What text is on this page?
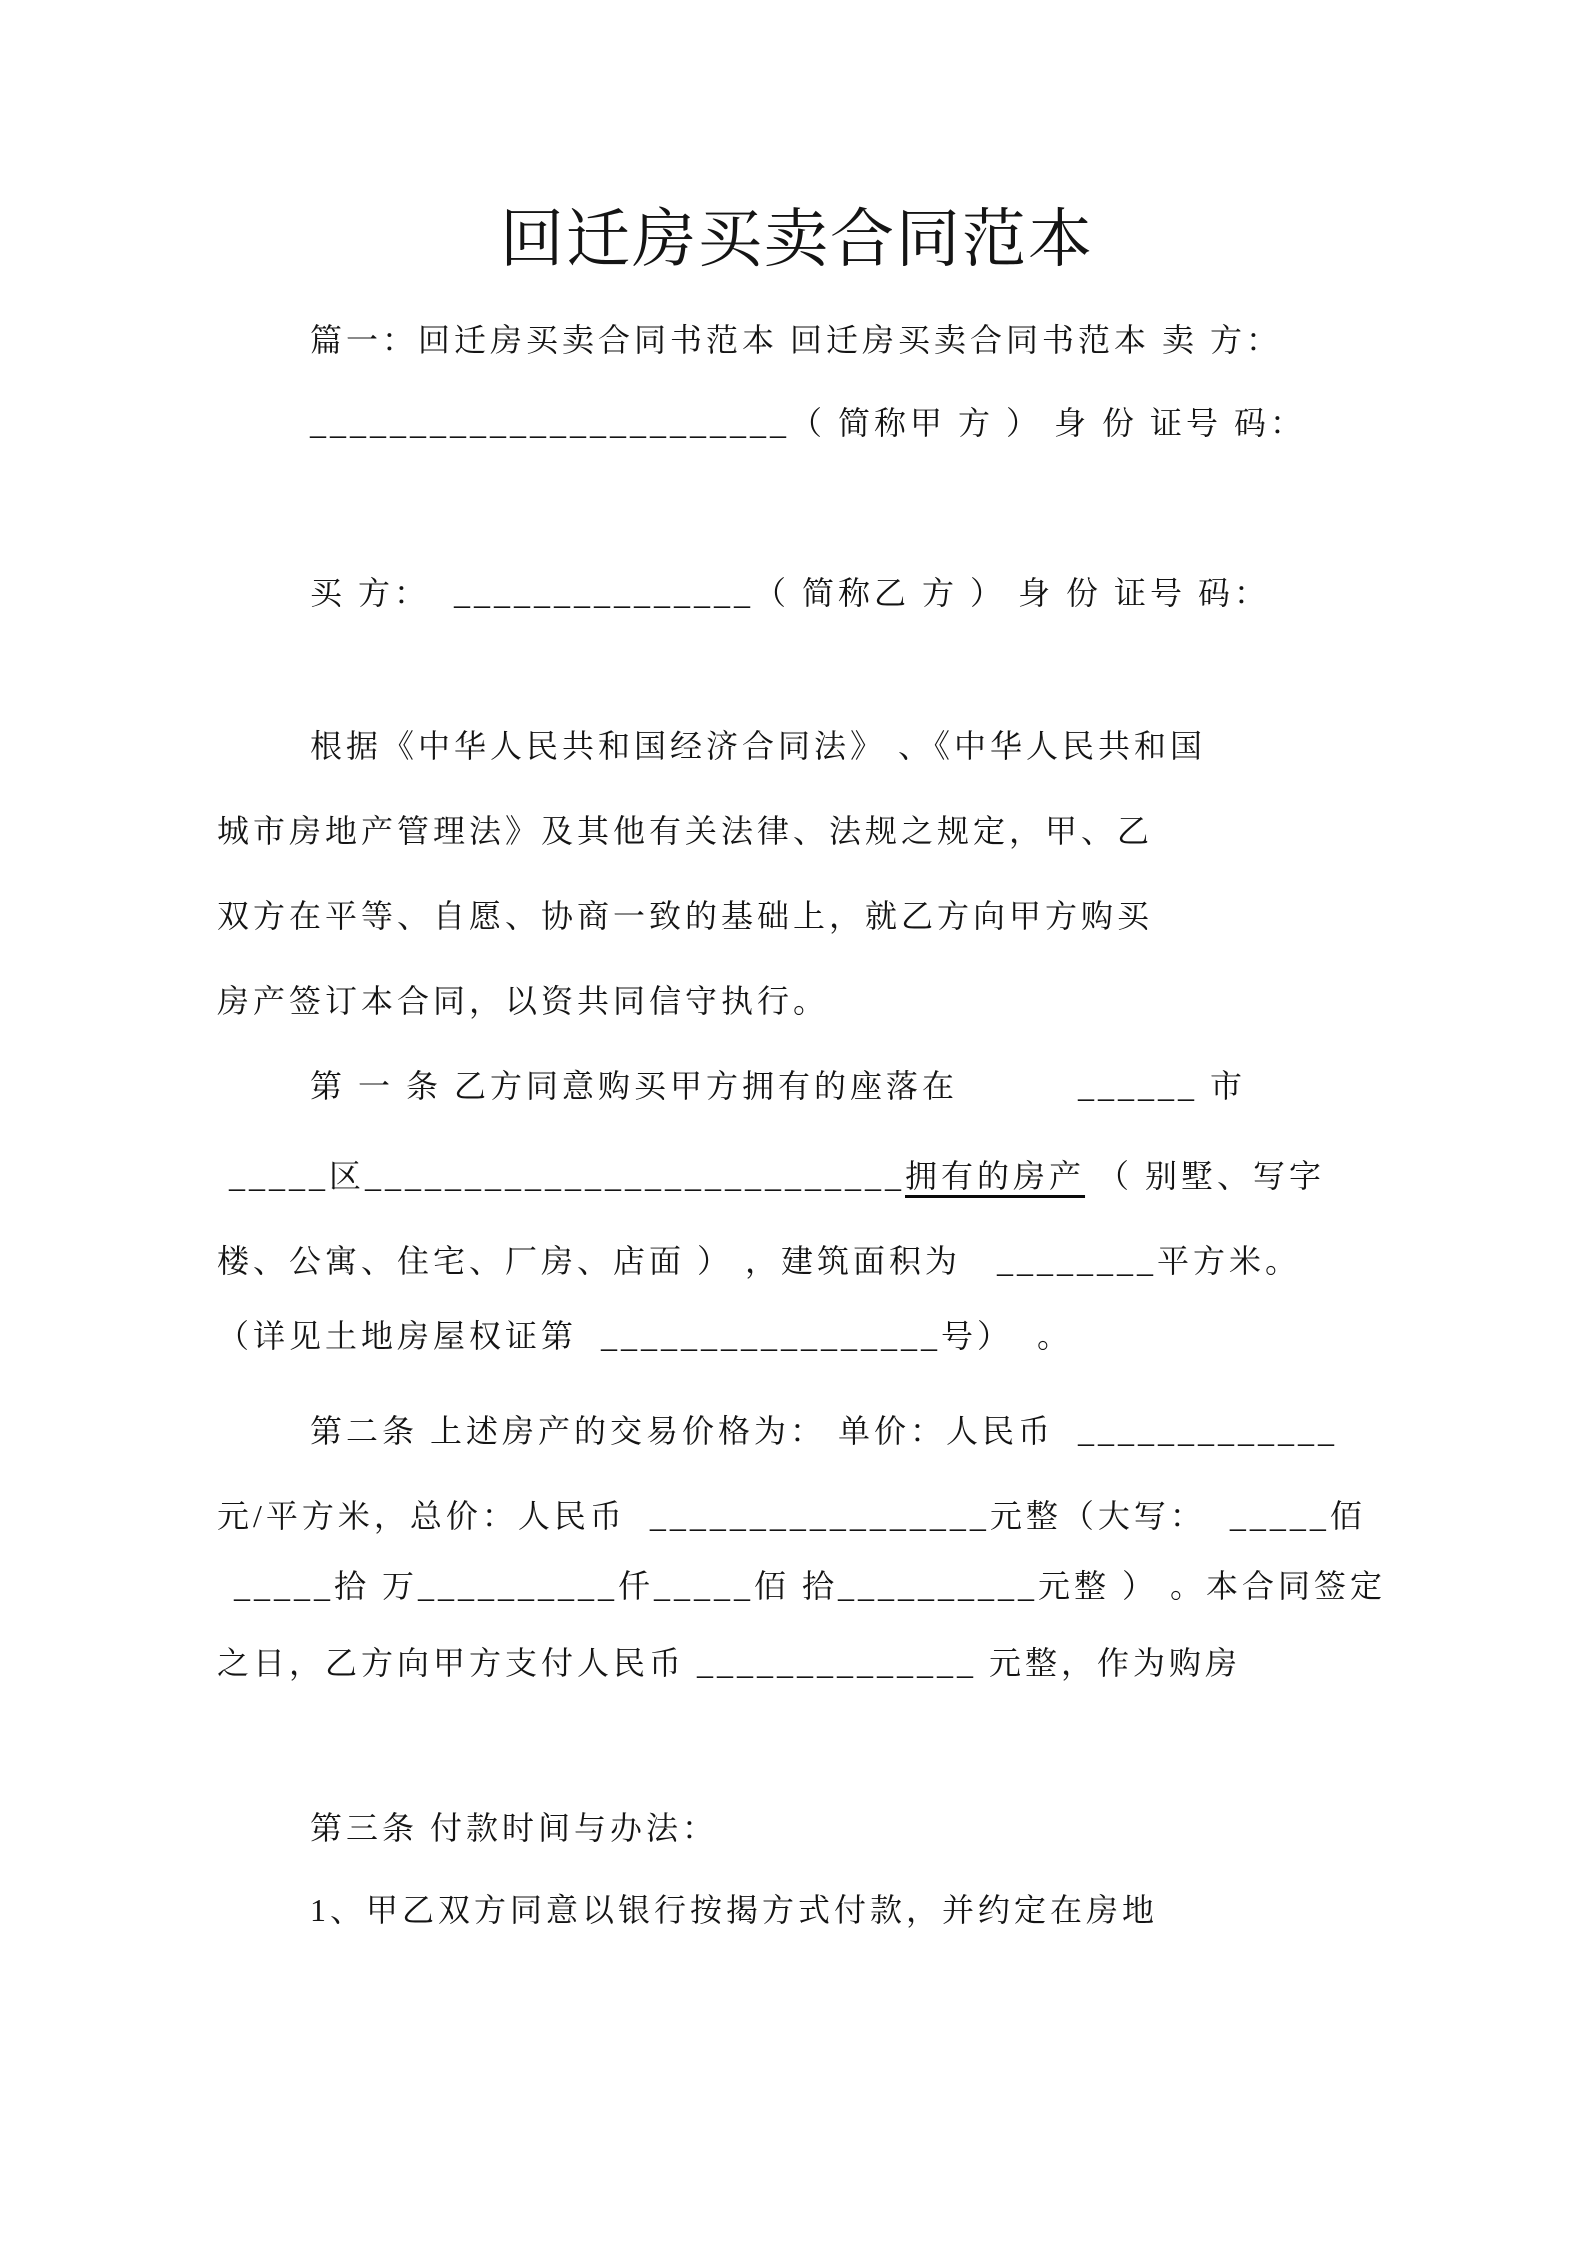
回迁房买卖合同范本
篇一：回迁房买卖合同书范本 回迁房买卖合同书范本 卖 方：
________________________（ 简称甲 方 ） 身 份 证号 码：
买 方：  _______________（ 简称乙 方 ） 身 份 证号 码：
根据《中华人民共和国经济合同法》 、《中华人民共和国
城市房地产管理法》及其他有关法律、法规之规定，甲、乙
双方在平等、自愿、协商一致的基础上，就乙方向甲方购买
房产签订本合同，以资共同信守执行。
第 一 条 乙方同意购买甲方拥有的座落在          ______ 市
_____区___________________________拥有的房产 （ 别墅、写字
楼、公寓、住宅、厂房、店面 ） ，建筑面积为   ________平方米。
（详见土地房屋权证第  _________________号）  。
第二条 上述房产的交易价格为： 单价：人民币  _____________
元/平方米，总价：人民币  _________________元整（大写：  _____佰
_____拾 万__________仟_____佰 拾__________元整 ） 。本合同签定
之日，乙方向甲方支付人民币 ______________ 元整，作为购房
第三条 付款时间与办法：
1、甲乙双方同意以银行按揭方式付款，并约定在房地
